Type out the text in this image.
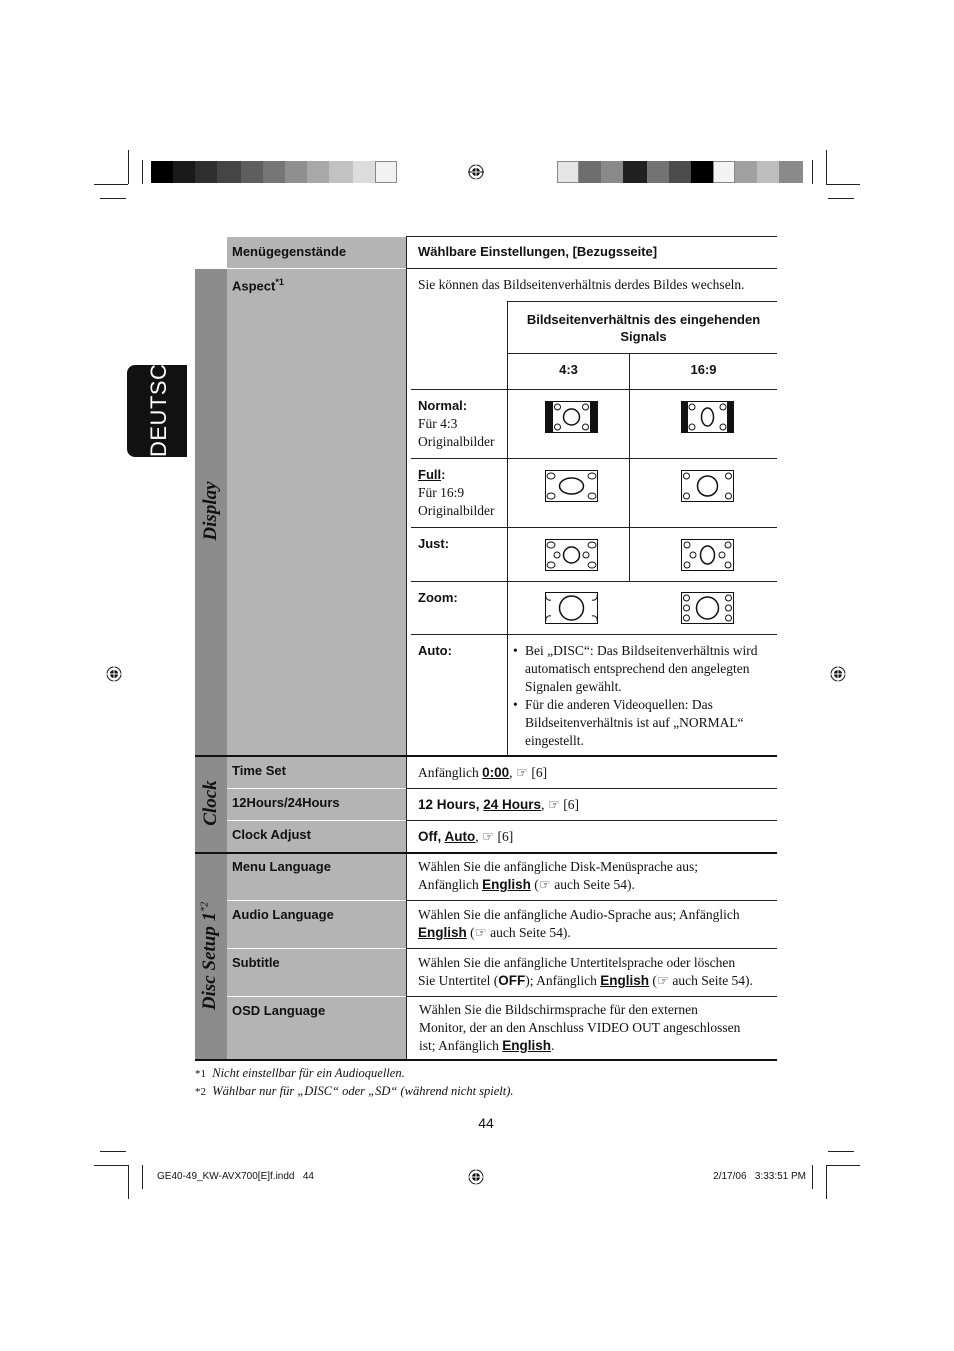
DEUTSCH
Menügegenstände	Wählbare Einstellungen, [Bezugsseite]
Display
Clock
Disc Setup 1$^{*2}$
Aspect$^{*1}$	Sie können das Bildseitenverhältnis derdes Bildes wechseln.
Bildseitenverhältnis des eingehenden Signals
4:3	16:9
Normal:
Für 4:3
Originalbilder
Full:
Für 16:9
Originalbilder
Just:
Zoom:
Auto:	• Bei „DISC“: Das Bildseitenverhältnis wird automatisch entsprechend den angelegten Signalen gewählt.
• Für die anderen Videoquellen: Das Bildseitenverhältnis ist auf „NORMAL“ eingestellt.
Time Set	Anfänglich 0:00, ☞ [6]
12Hours/24Hours	12 Hours, 24 Hours, ☞ [6]
Clock Adjust	Off, Auto, ☞ [6]
Menu Language	Wählen Sie die anfängliche Disk-Menüsprache aus;
Anfänglich English (☞ auch Seite 54).
Audio Language	Wählen Sie die anfängliche Audio-Sprache aus; Anfänglich
English (☞ auch Seite 54).
Subtitle	Wählen Sie die anfängliche Untertitelsprache oder löschen
Sie Untertitel (OFF); Anfänglich English (☞ auch Seite 54).
OSD Language	Wählen Sie die Bildschirmsprache für den externen
Monitor, der an den Anschluss VIDEO OUT angeschlossen
ist; Anfänglich English.
*1 Nicht einstellbar für ein Audioquellen.
*2 Wählbar nur für „DISC“ oder „SD“ (während nicht spielt).
44
GE40-49_KW-AVX700[E]f.indd   44	2/17/06   3:33:51 PM
